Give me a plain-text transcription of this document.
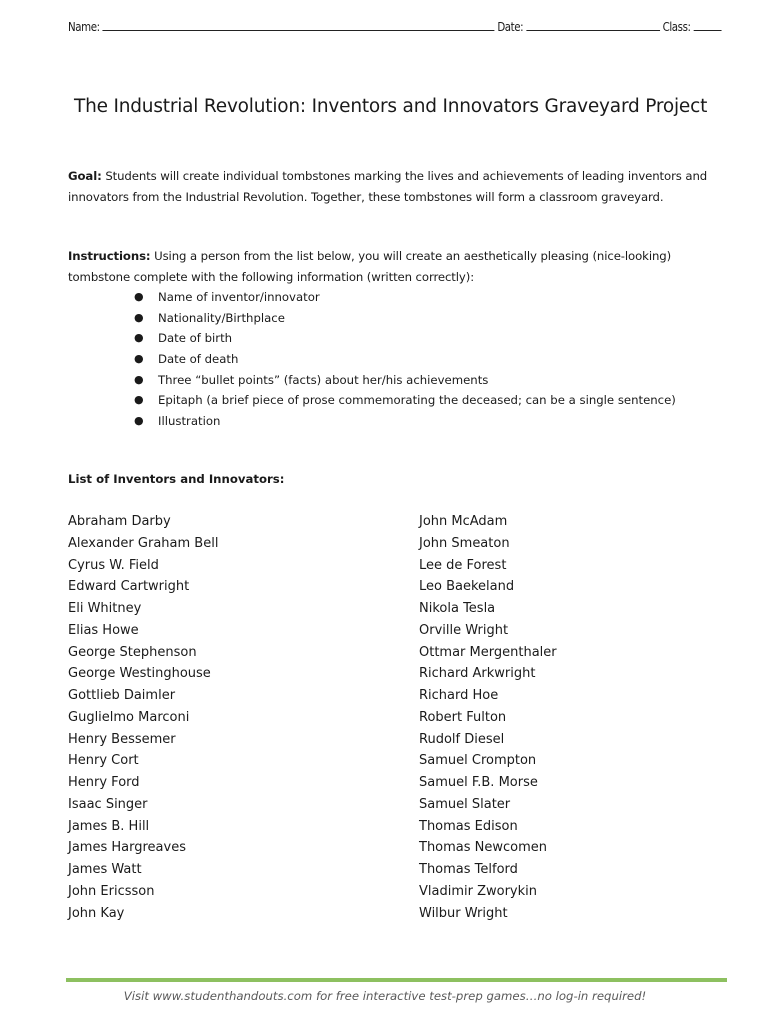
Name:	Date:	Class:
The Industrial Revolution: Inventors and Innovators Graveyard Project

Goal: Students will create individual tombstones marking the lives and achievements of leading inventors and innovators from the Industrial Revolution. Together, these tombstones will form a classroom graveyard.

Instructions: Using a person from the list below, you will create an aesthetically pleasing (nice-looking) tombstone complete with the following information (written correctly):

● Name of inventor/innovator
● Nationality/Birthplace
● Date of birth
● Date of death
● Three “bullet points” (facts) about her/his achievements
● Epitaph (a brief piece of prose commemorating the deceased; can be a single sentence)
● Illustration

List of Inventors and Innovators:

Abraham Darby
Alexander Graham Bell
Cyrus W. Field
Edward Cartwright
Eli Whitney
Elias Howe
George Stephenson
George Westinghouse
Gottlieb Daimler
Guglielmo Marconi
Henry Bessemer
Henry Cort
Henry Ford
Isaac Singer
James B. Hill
James Hargreaves
James Watt
John Ericsson
John Kay
John McAdam
John Smeaton
Lee de Forest
Leo Baekeland
Nikola Tesla
Orville Wright
Ottmar Mergenthaler
Richard Arkwright
Richard Hoe
Robert Fulton
Rudolf Diesel
Samuel Crompton
Samuel F.B. Morse
Samuel Slater
Thomas Edison
Thomas Newcomen
Thomas Telford
Vladimir Zworykin
Wilbur Wright

Visit www.studenthandouts.com for free interactive test-prep games…no log-in required!
